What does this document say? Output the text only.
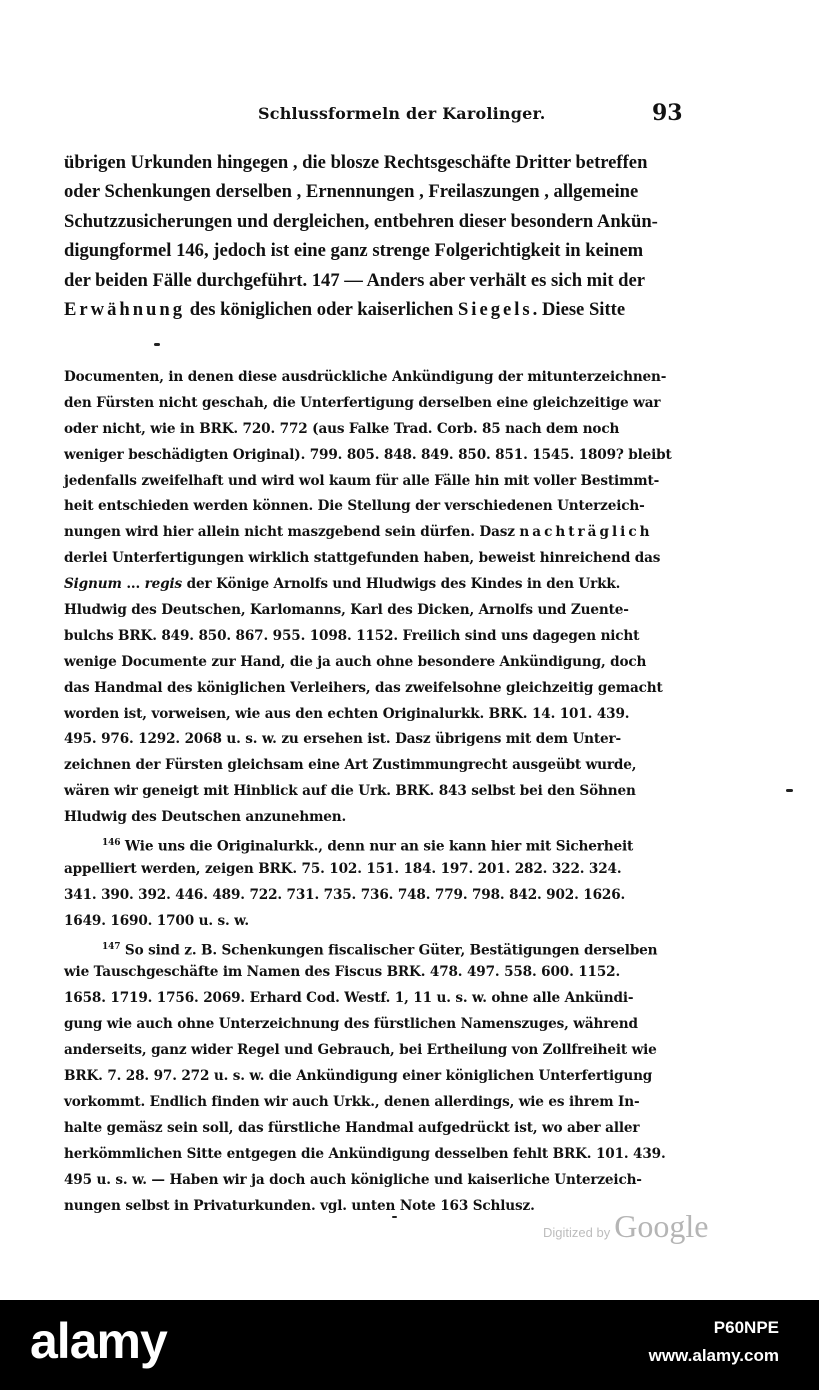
Schlussformeln der Karolinger.	93
übrigen Urkunden hingegen , die blosze Rechtsgeschäfte Dritter betreffen
oder Schenkungen derselben , Ernennungen , Freilaszungen , allgemeine
Schutzzusicherungen und dergleichen, entbehren dieser besondern Ankün-
digungformel 146, jedoch ist eine ganz strenge Folgerichtigkeit in keinem
der beiden Fälle durchgeführt. 147 — Anders aber verhält es sich mit der
Erwähnung des königlichen oder kaiserlichen Siegels. Diese Sitte
Documenten, in denen diese ausdrückliche Ankündigung der mitunterzeichnen-
den Fürsten nicht geschah, die Unterfertigung derselben eine gleichzeitige war
oder nicht, wie in BRK. 720. 772 (aus Falke Trad. Corb. 85 nach dem noch
weniger beschädigten Original). 799. 805. 848. 849. 850. 851. 1545. 1809? bleibt
jedenfalls zweifelhaft und wird wol kaum für alle Fälle hin mit voller Bestimmt-
heit entschieden werden können. Die Stellung der verschiedenen Unterzeich-
nungen wird hier allein nicht maszgebend sein dürfen. Dasz nachträglich
derlei Unterfertigungen wirklich stattgefunden haben, beweist hinreichend das
Signum ... regis der Könige Arnolfs und Hludwigs des Kindes in den Urkk.
Hludwig des Deutschen, Karlomanns, Karl des Dicken, Arnolfs und Zuente-
bulchs BRK. 849. 850. 867. 955. 1098. 1152. Freilich sind uns dagegen nicht
wenige Documente zur Hand, die ja auch ohne besondere Ankündigung, doch
das Handmal des königlichen Verleihers, das zweifelsohne gleichzeitig gemacht
worden ist, vorweisen, wie aus den echten Originalurkk. BRK. 14. 101. 439.
495. 976. 1292. 2068 u. s. w. zu ersehen ist. Dasz übrigens mit dem Unter-
zeichnen der Fürsten gleichsam eine Art Zustimmungrecht ausgeübt wurde,
wären wir geneigt mit Hinblick auf die Urk. BRK. 843 selbst bei den Söhnen
Hludwig des Deutschen anzunehmen.
$^{146}$ Wie uns die Originalurkk., denn nur an sie kann hier mit Sicherheit
appelliert werden, zeigen BRK. 75. 102. 151. 184. 197. 201. 282. 322. 324.
341. 390. 392. 446. 489. 722. 731. 735. 736. 748. 779. 798. 842. 902. 1626.
1649. 1690. 1700 u. s. w.
$^{147}$ So sind z. B. Schenkungen fiscalischer Güter, Bestätigungen derselben
wie Tauschgeschäfte im Namen des Fiscus BRK. 478. 497. 558. 600. 1152.
1658. 1719. 1756. 2069. Erhard Cod. Westf. 1, 11 u. s. w. ohne alle Ankündi-
gung wie auch ohne Unterzeichnung des fürstlichen Namenszuges, während
anderseits, ganz wider Regel und Gebrauch, bei Ertheilung von Zollfreiheit wie
BRK. 7. 28. 97. 272 u. s. w. die Ankündigung einer königlichen Unterfertigung
vorkommt. Endlich finden wir auch Urkk., denen allerdings, wie es ihrem In-
halte gemäsz sein soll, das fürstliche Handmal aufgedrückt ist, wo aber aller
herkömmlichen Sitte entgegen die Ankündigung desselben fehlt BRK. 101. 439.
495 u. s. w. — Haben wir ja doch auch königliche und kaiserliche Unterzeich-
nungen selbst in Privaturkunden. vgl. unten Note 163 Schlusz.
Digitized by Google
alamy	P60NPE
www.alamy.com
